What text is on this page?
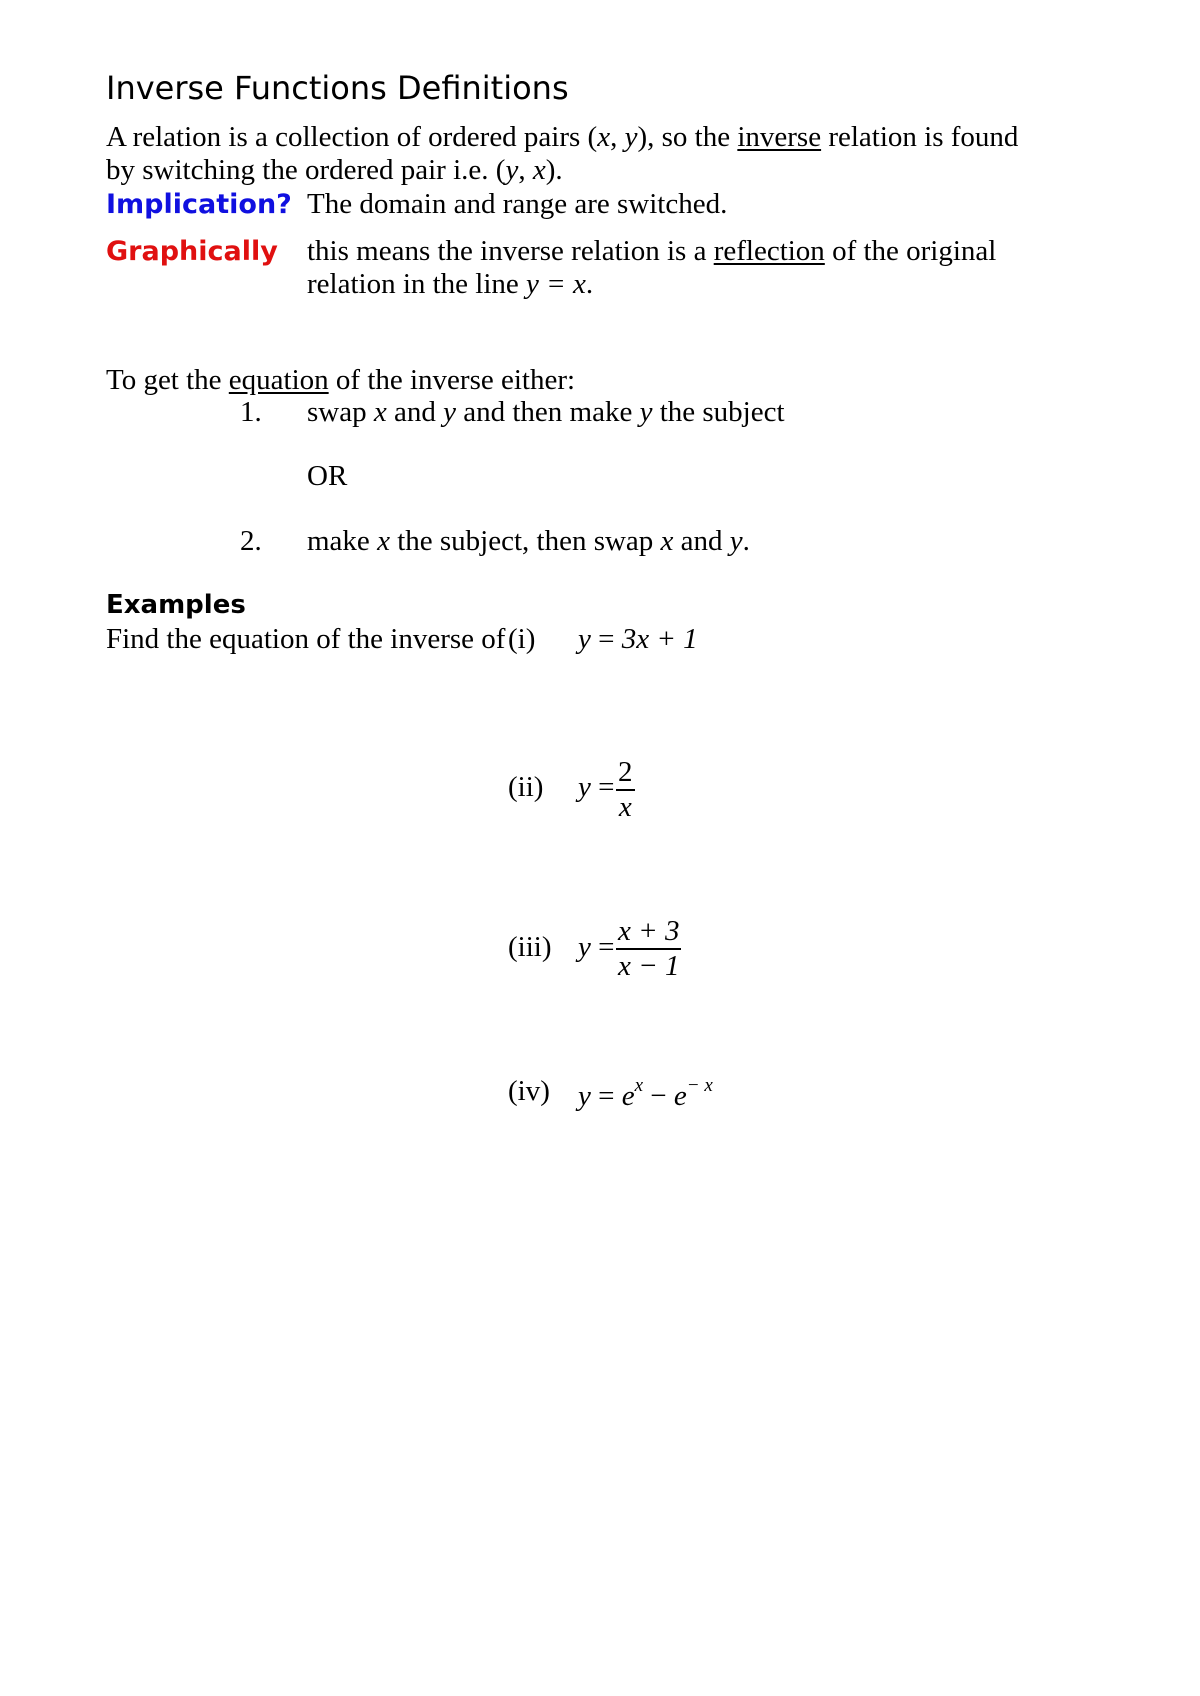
Inverse Functions Definitions
A relation is a collection of ordered pairs (x, y), so the inverse relation is found
by switching the ordered pair i.e. (y, x).
Implication? The domain and range are switched.
Graphically this means the inverse relation is a reflection of the original
relation in the line y = x.
To get the equation of the inverse either:
1. swap x and y and then make y the subject
OR
2. make x the subject, then swap x and y.
Examples
Find the equation of the inverse of (i) y = 3x + 1
(ii) y = 2
x
(iii) y = x + 3
x − 1
(iv) $y = e^x - e^{- x}$
